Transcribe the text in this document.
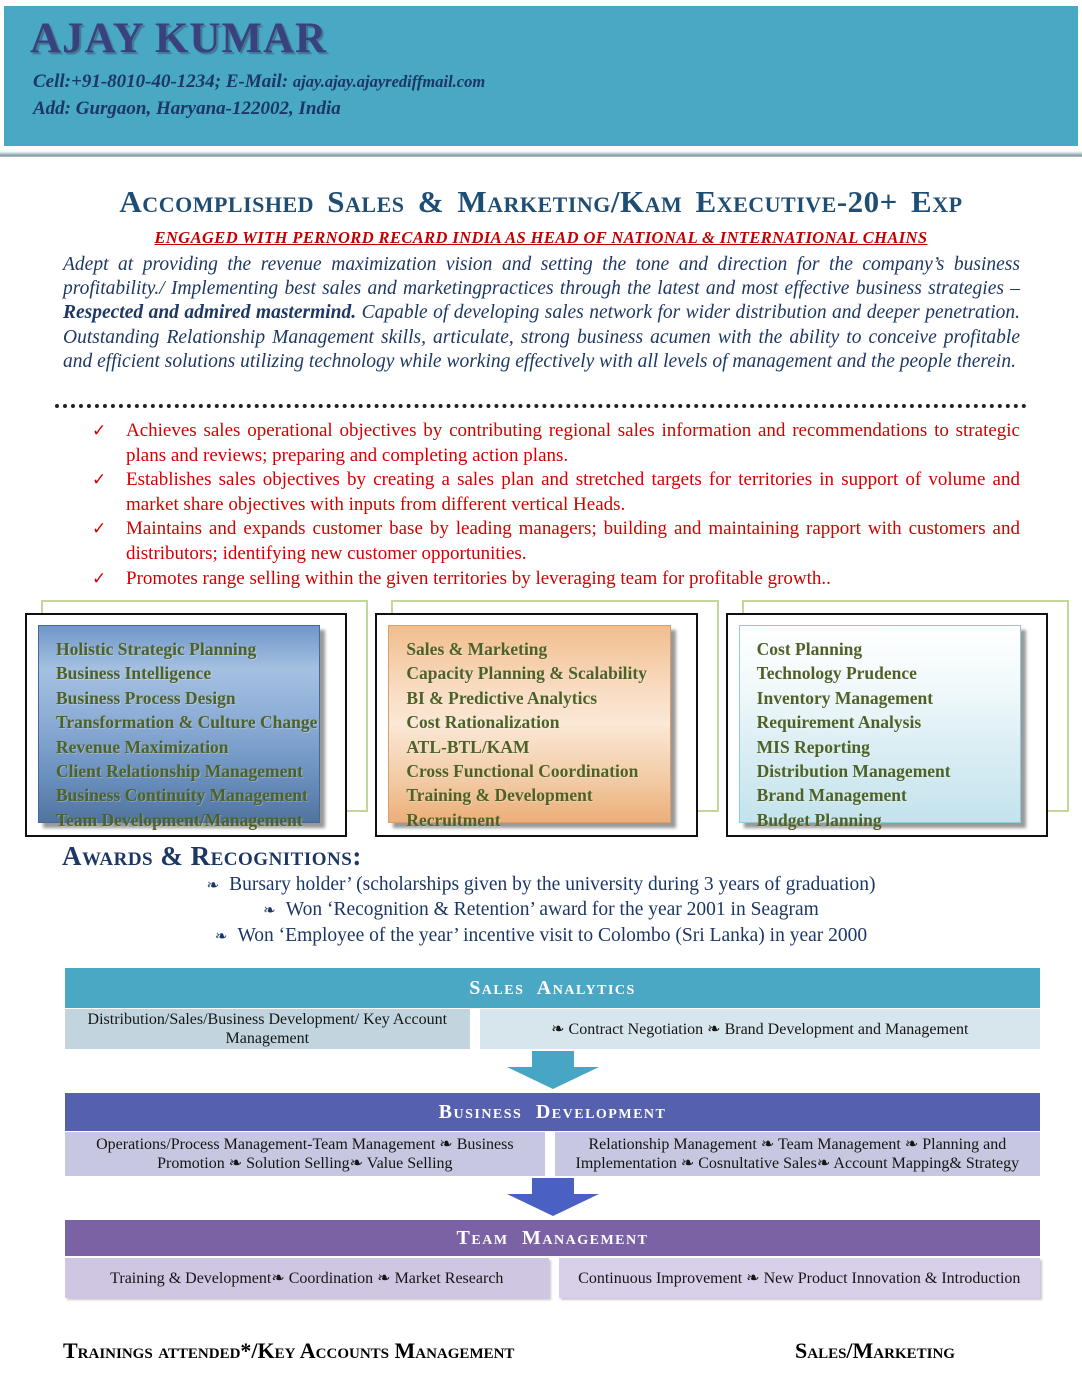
AJAY KUMAR
Cell:+91-8010-40-1234; E-Mail: ajay.ajay.ajayrediffmail.com
Add: Gurgaon, Haryana-122002, India
Accomplished Sales & Marketing/Kam Executive-20+ Exp
ENGAGED WITH PERNORD RECARD INDIA AS HEAD OF NATIONAL & INTERNATIONAL CHAINS

Adept at providing the revenue maximization vision and setting the tone and direction for the company’s business profitability./ Implementing best sales and marketingpractices through the latest and most effective business strategies – Respected and admired mastermind. Capable of developing sales network for wider distribution and deeper penetration. Outstanding Relationship Management skills, articulate, strong business acumen with the ability to conceive profitable and efficient solutions utilizing technology while working effectively with all levels of management and the people therein.

✓	Achieves sales operational objectives by contributing regional sales information and recommendations to strategic plans and reviews; preparing and completing action plans.
✓	Establishes sales objectives by creating a sales plan and stretched targets for territories in support of volume and market share objectives with inputs from different vertical Heads.
✓	Maintains and expands customer base by leading managers; building and maintaining rapport with customers and distributors; identifying new customer opportunities.
✓	Promotes range selling within the given territories by leveraging team for profitable growth..
Holistic Strategic Planning
Business Intelligence
Business Process Design
Transformation & Culture Change
Revenue Maximization
Client Relationship Management
Business Continuity Management
Team Development/Management
Sales & Marketing
Capacity Planning & Scalability
BI & Predictive Analytics
Cost Rationalization
ATL-BTL/KAM
Cross Functional Coordination
Training & Development
Recruitment
Cost Planning
Technology Prudence
Inventory Management
Requirement Analysis
MIS Reporting
Distribution Management
Brand Management
Budget Planning
Awards & Recognitions:
❧ Bursary holder’ (scholarships given by the university during 3 years of graduation)
❧ Won ‘Recognition & Retention’ award for the year 2001 in Seagram
❧ Won ‘Employee of the year’ incentive visit to Colombo (Sri Lanka) in year 2000
Sales Analytics
Distribution/Sales/Business Development/ Key Account Management
❧ Contract Negotiation ❧ Brand Development and Management
Business Development
Operations/Process Management-Team Management ❧ Business Promotion ❧ Solution Selling❧ Value Selling
Relationship Management ❧ Team Management ❧ Planning and Implementation ❧ Cosnultative Sales❧ Account Mapping& Strategy
Team Management
Training & Development❧ Coordination ❧ Market Research	Continuous Improvement ❧ New Product Innovation & Introduction
Trainings attended*/Key Accounts Management	Sales/Marketing
